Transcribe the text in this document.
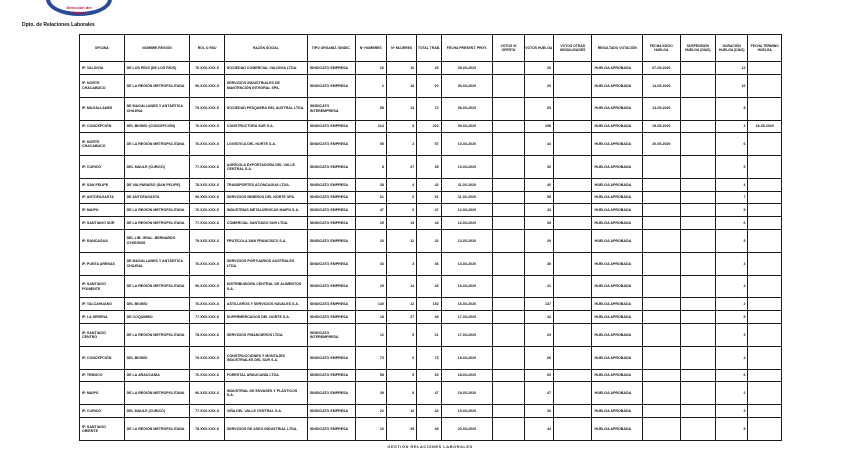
Dirección del
Trabajo
Dpto. de Relaciones Laborales
OFICINA	NOMBRE REGIÓN	ROL O RSU	RAZÓN SOCIAL	TIPO ORGANIZ. SINDIC.	Nº HOMBRES	Nº MUJERES	TOTAL TRAB.	FECHA PRESENT. PROY.	VOTOS SI OFERTA	VOTOS HUELGA	VOTOS OTRAS MODALIDADES	RESULTADO VOTACIÓN	FECHA INICIO HUELGA	SUSPENSIÓN HUELGA (DÍAS)	DURACIÓN HUELGA (DÍAS)	FECHA TÉRMINO HUELGA
IP. VALDIVIA	DE LOS RÍOS (DE LOS RÍOS)	76.XXX.XXX-X	SOCIEDAD COMERCIAL VALDIVIA LTDA.	SINDICATO EMPRESA	16	10	26	05-03-2020		26		HUELGA APROBADA	07-05-2020		12	
IP. NORTE CHACABUCO	DE LA REGIÓN METROPOLITANA	96.XXX.XXX-X	SERVICIOS INDUSTRIALES DE MANTENCIÓN INTEGRAL SPA.	SINDICATO EMPRESA	2	18	20	06-03-2020		20		HUELGA APROBADA	14-05-2020		10	
IP. MAGALLANES	DE MAGALLANES Y ANTÁRTICA CHILENA	79.XXX.XXX-X	SOCIEDAD PESQUERA DEL AUSTRAL LTDA.	SINDICATO INTEREMPRESA	58	14	72	06-03-2020		65		HUELGA APROBADA	14-05-2020		8	
IP. CONCEPCIÓN	DEL BIOBÍO (CONCEPCIÓN)	76.XXX.XXX-X	CONSTRUCTORA SUR S.A.	SINDICATO EMPRESA	214	8	222	09-03-2020		198		HUELGA APROBADA	15-05-2020		3	18-05-2020
IP. NORTE CHACABUCO	DE LA REGIÓN METROPOLITANA	76.XXX.XXX-X	LOGÍSTICA DEL NORTE S.A.	SINDICATO EMPRESA	55	2	57	10-03-2020		44		HUELGA APROBADA	20-05-2020		6	
IP. CURICÓ	DEL MAULE (CURICÓ)	77.XXX.XXX-X	AGRÍCOLA EXPORTADORA DEL VALLE CENTRAL S.A.	SINDICATO EMPRESA	8	27	35	10-03-2020		30		HUELGA APROBADA			5	
IP. SAN FELIPE	DE VALPARAÍSO (SAN FELIPE)	78.XXX.XXX-X	TRANSPORTES ACONCAGUA LTDA.	SINDICATO EMPRESA	38	4	42	11-03-2020		40		HUELGA APROBADA			4	
IP. ANTOFAGASTA	DE ANTOFAGASTA	96.XXX.XXX-X	SERVICIOS MINEROS DEL NORTE SPA.	SINDICATO EMPRESA	61	0	61	11-03-2020		58		HUELGA APROBADA			7	
IP. MAIPÚ	DE LA REGIÓN METROPOLITANA	76.XXX.XXX-X	INDUSTRIAS METALÚRGICAS MAIPÚ S.A.	SINDICATO EMPRESA	47	0	47	12-03-2020		43		HUELGA APROBADA			9	
IP. SANTIAGO SUR	DE LA REGIÓN METROPOLITANA	77.XXX.XXX-X	COMERCIAL SANTIAGO SUR LTDA.	SINDICATO EMPRESA	25	19	44	12-03-2020		39		HUELGA APROBADA			6	
IP. RANCAGUA	DEL LIB. GRAL. BERNARDO O'HIGGINS	79.XXX.XXX-X	FRUTÍCOLA SAN FRANCISCO S.A.	SINDICATO EMPRESA	20	12	32	13-03-2020		29		HUELGA APROBADA			5	
IP. PUNTA ARENAS	DE MAGALLANES Y ANTÁRTICA CHILENA	76.XXX.XXX-X	SERVICIOS PORTUARIOS AUSTRALES LTDA.	SINDICATO EMPRESA	33	3	36	13-03-2020		35		HUELGA APROBADA			3	
IP. SANTIAGO PONIENTE	DE LA REGIÓN METROPOLITANA	96.XXX.XXX-X	DISTRIBUIDORA CENTRAL DE ALIMENTOS S.A.	SINDICATO EMPRESA	29	14	43	16-03-2020		41		HUELGA APROBADA			4	
IP. TALCAHUANO	DEL BIOBÍO	76.XXX.XXX-X	ASTILLEROS Y SERVICIOS NAVALES S.A.	SINDICATO EMPRESA	140	12	152	16-03-2020		137		HUELGA APROBADA			2	
IP. LA SERENA	DE COQUIMBO	77.XXX.XXX-X	SUPERMERCADOS DEL NORTE S.A.	SINDICATO EMPRESA	18	27	45	17-03-2020		42		HUELGA APROBADA			5	
IP. SANTIAGO CENTRO	DE LA REGIÓN METROPOLITANA	78.XXX.XXX-X	SERVICIOS FINANCIEROS LTDA.	SINDICATO INTEREMPRESA	12	9	21	17-03-2020		20		HUELGA APROBADA			3	
IP. CONCEPCIÓN	DEL BIOBÍO	79.XXX.XXX-X	CONSTRUCCIONES Y MONTAJES INDUSTRIALES DEL SUR S.A.	SINDICATO EMPRESA	73	0	73	18-03-2020		66		HUELGA APROBADA			4	
IP. TEMUCO	DE LA ARAUCANÍA	76.XXX.XXX-X	FORESTAL ARAUCANÍA LTDA.	SINDICATO EMPRESA	58	5	63	18-03-2020		60		HUELGA APROBADA			6	
IP. MAIPÚ	DE LA REGIÓN METROPOLITANA	96.XXX.XXX-X	INDUSTRIAL DE ENVASES Y PLÁSTICOS S.A.	SINDICATO EMPRESA	39	8	47	19-03-2020		47		HUELGA APROBADA			2	
IP. CURICÓ	DEL MAULE (CURICÓ)	77.XXX.XXX-X	VIÑA DEL VALLE CENTRAL S.A.	SINDICATO EMPRESA	22	10	32	19-03-2020		30		HUELGA APROBADA			3	
IP. SANTIAGO ORIENTE	DE LA REGIÓN METROPOLITANA	78.XXX.XXX-X	SERVICIOS DE ASEO INDUSTRIAL LTDA.	SINDICATO EMPRESA	10	35	45	20-03-2020		44		HUELGA APROBADA			5	
GESTIÓN RELACIONES LABORALES
